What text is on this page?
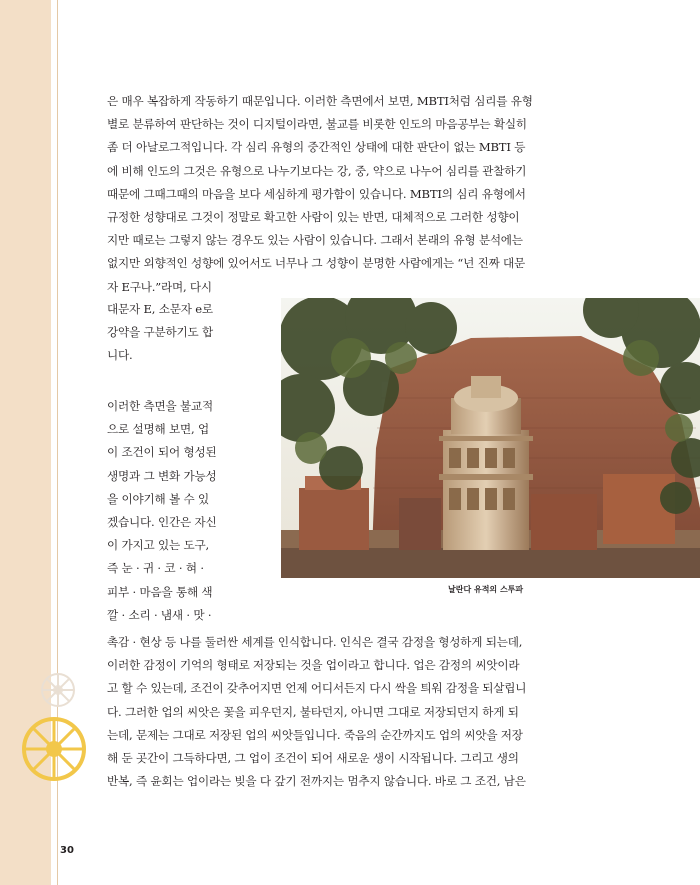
은 매우 복잡하게 작동하기 때문입니다. 이러한 측면에서 보면, MBTI처럼 심리를 유형
별로 분류하여 판단하는 것이 디지털이라면, 불교를 비롯한 인도의 마음공부는 확실히
좀 더 아날로그적입니다. 각 심리 유형의 중간적인 상태에 대한 판단이 없는 MBTI 등
에 비해 인도의 그것은 유형으로 나누기보다는 강, 중, 약으로 나누어 심리를 관찰하기
때문에 그때그때의 마음을 보다 세심하게 평가함이 있습니다. MBTI의 심리 유형에서
규정한 성향대로 그것이 정말로 확고한 사람이 있는 반면, 대체적으로 그러한 성향이
지만 때로는 그렇지 않는 경우도 있는 사람이 있습니다. 그래서 본래의 유형 분석에는
없지만 외향적인 성향에 있어서도 너무나 그 성향이 분명한 사람에게는 “넌 진짜 대문
자 E구나.”라며, 다시
대문자 E, 소문자 e로
강약을 구분하기도 합
니다.
이러한 측면을 불교적
으로 설명해 보면, 업
이 조건이 되어 형성된
생명과 그 변화 가능성
을 이야기해 볼 수 있
겠습니다. 인간은 자신
이 가지고 있는 도구,
즉 눈 · 귀 · 코 · 혀 ·
피부 · 마음을 통해 색
깔 · 소리 · 냄새 · 맛 ·
날란다 유적의 스투파
촉감 · 현상 등 나를 둘러싼 세계를 인식합니다. 인식은 결국 감정을 형성하게 되는데,
이러한 감정이 기억의 형태로 저장되는 것을 업이라고 합니다. 업은 감정의 씨앗이라
고 할 수 있는데, 조건이 갖추어지면 언제 어디서든지 다시 싹을 틔워 감정을 되살립니
다. 그러한 업의 씨앗은 꽃을 피우던지, 불타던지, 아니면 그대로 저장되던지 하게 되
는데, 문제는 그대로 저장된 업의 씨앗들입니다. 죽음의 순간까지도 업의 씨앗을 저장
해 둔 곳간이 그득하다면, 그 업이 조건이 되어 새로운 생이 시작됩니다. 그리고 생의
반복, 즉 윤회는 업이라는 빚을 다 갚기 전까지는 멈추지 않습니다. 바로 그 조건, 남은
30
